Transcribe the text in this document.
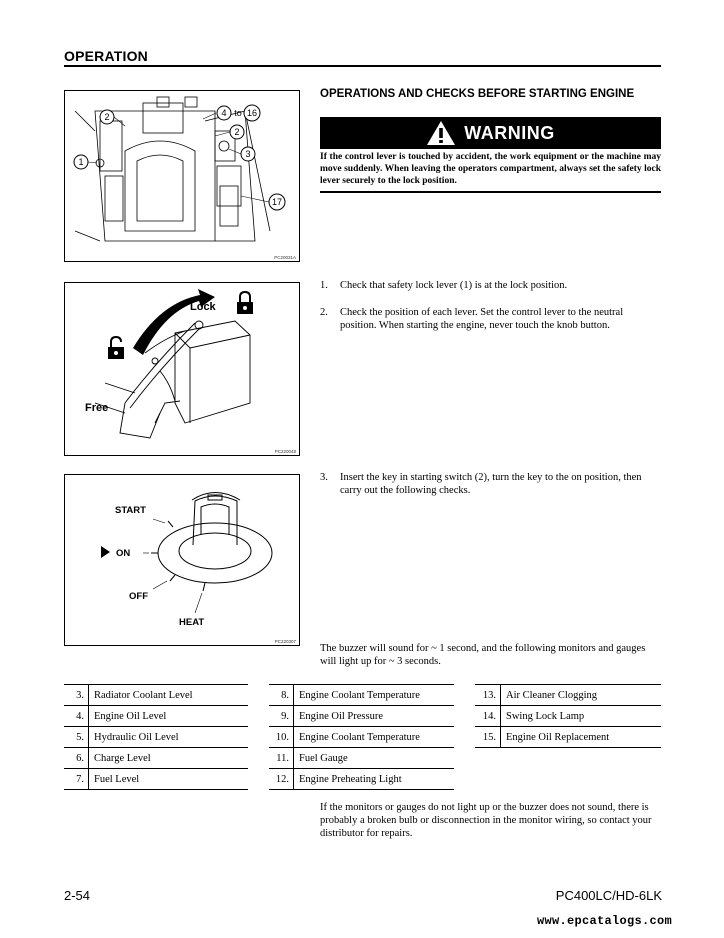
OPERATION
2
1
4 to 16
2
3
17
PC20031A
OPERATIONS AND CHECKS BEFORE STARTING ENGINE
WARNING
If the control lever is touched by accident, the work equipment or the machine may move suddenly. When leaving the operators compartment, always set the safety lock lever securely to the lock position.
Lock
Free
PC220048
START
ON
OFF
HEAT
PC220307
1. Check that safety lock lever (1) is at the lock position.
2. Check the position of each lever. Set the control lever to the neutral position. When starting the engine, never touch the knob button.
3. Insert the key in starting switch (2), turn the key to the on position, then carry out the following checks.
The buzzer will sound for ~ 1 second, and the following monitors and gauges will light up for ~ 3 seconds.
3.	Radiator Coolant Level
4.	Engine Oil Level
5.	Hydraulic Oil Level
6.	Charge Level
7.	Fuel Level
8.	Engine Coolant Temperature
9.	Engine Oil Pressure
10.	Engine Coolant Temperature
11.	Fuel Gauge
12.	Engine Preheating Light
13.	Air Cleaner Clogging
14.	Swing Lock Lamp
15.	Engine Oil Replacement
If the monitors or gauges do not light up or the buzzer does not sound, there is probably a broken bulb or disconnection in the monitor wiring, so contact your distributor for repairs.
2-54	PC400LC/HD-6LK
www.epcatalogs.com
